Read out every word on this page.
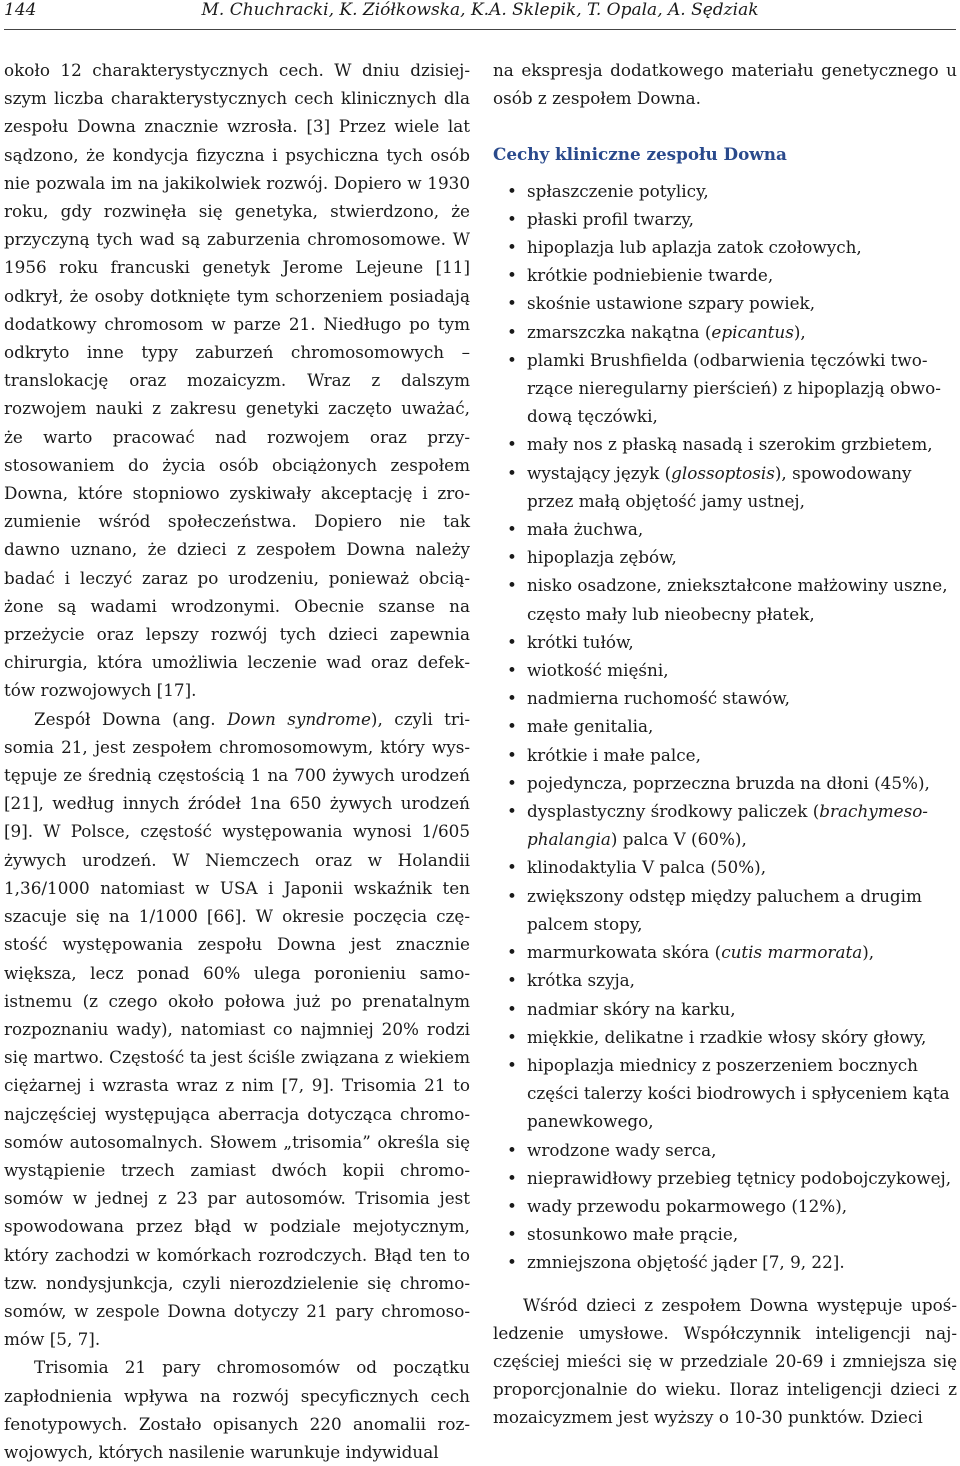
144	M. Chuchracki, K. Ziółkowska, K.A. Sklepik, T. Opala, A. Sędziak

około 12 charakterystycznych cech. W dniu dzisiejszym liczba charakterystycznych cech klinicznych dla zespołu Downa znacznie wzrosła. [3] Przez wiele lat sądzono, że kondycja fizyczna i psychiczna tych osób nie pozwala im na jakikolwiek rozwój. Dopiero w 1930 roku, gdy rozwinęła się genetyka, stwierdzono, że przyczyną tych wad są zaburzenia chromosomowe. W 1956 roku francuski genetyk Jerome Lejeune [11] odkrył, że osoby dotknięte tym schorzeniem posiadają dodatkowy chromosom w parze 21. Niedługo po tym odkryto inne typy zaburzeń chromosomowych – translokację oraz mozaicyzm. Wraz z dalszym rozwojem nauki z zakresu genetyki zaczęto uważać, że warto pracować nad rozwojem oraz przystosowaniem do życia osób obciążonych zespołem Downa, które stopniowo zyskiwały akceptację i zrozumienie wśród społeczeństwa. Dopiero nie tak dawno uznano, że dzieci z zespołem Downa należy badać i leczyć zaraz po urodzeniu, ponieważ obciążone są wadami wrodzonymi. Obecnie szanse na przeżycie oraz lepszy rozwój tych dzieci zapewnia chirurgia, która umożliwia leczenie wad oraz defektów rozwojowych [17].

Zespół Downa (ang. Down syndrome), czyli trisomia 21, jest zespołem chromosomowym, który występuje ze średnią częstością 1 na 700 żywych urodzeń [21], według innych źródeł 1na 650 żywych urodzeń [9]. W Polsce, częstość występowania wynosi 1/605 żywych urodzeń. W Niemczech oraz w Holandii 1,36/1000 natomiast w USA i Japonii wskaźnik ten szacuje się na 1/1000 [66]. W okresie poczęcia częstość występowania zespołu Downa jest znacznie większa, lecz ponad 60% ulega poronieniu samoistnemu (z czego około połowa już po prenatalnym rozpoznaniu wady), natomiast co najmniej 20% rodzi się martwo. Częstość ta jest ściśle związana z wiekiem ciężarnej i wzrasta wraz z nim [7, 9]. Trisomia 21 to najczęściej występująca aberracja dotycząca chromosomów autosomalnych. Słowem „trisomia” określa się wystąpienie trzech zamiast dwóch kopii chromosomów w jednej z 23 par autosomów. Trisomia jest spowodowana przez błąd w podziale mejotycznym, który zachodzi w komórkach rozrodczych. Błąd ten to tzw. nondysjunkcja, czyli nierozdzielenie się chromosomów, w zespole Downa dotyczy 21 pary chromosomów [5, 7].

Trisomia 21 pary chromosomów od początku zapłodnienia wpływa na rozwój specyficznych cech fenotypowych. Zostało opisanych 220 anomalii rozwojowych, których nasilenie warunkuje indywidual

na ekspresja dodatkowego materiału genetycznego u osób z zespołem Downa.

Cechy kliniczne zespołu Downa
• spłaszczenie potylicy,
• płaski profil twarzy,
• hipoplazja lub aplazja zatok czołowych,
• krótkie podniebienie twarde,
• skośnie ustawione szpary powiek,
• zmarszczka nakątna (epicantus),
• plamki Brushfielda (odbarwienia tęczówki tworzące nieregularny pierścień) z hipoplazją obwodową tęczówki,
• mały nos z płaską nasadą i szerokim grzbietem,
• wystający język (glossoptosis), spowodowany przez małą objętość jamy ustnej,
• mała żuchwa,
• hipoplazja zębów,
• nisko osadzone, zniekształcone małżowiny uszne, często mały lub nieobecny płatek,
• krótki tułów,
• wiotkość mięśni,
• nadmierna ruchomość stawów,
• małe genitalia,
• krótkie i małe palce,
• pojedyncza, poprzeczna bruzda na dłoni (45%),
• dysplastyczny środkowy paliczek (brachymesophalangia) palca V (60%),
• klinodaktylia V palca (50%),
• zwiększony odstęp między paluchem a drugim palcem stopy,
• marmurkowata skóra (cutis marmorata),
• krótka szyja,
• nadmiar skóry na karku,
• miękkie, delikatne i rzadkie włosy skóry głowy,
• hipoplazja miednicy z poszerzeniem bocznych części talerzy kości biodrowych i spłyceniem kąta panewkowego,
• wrodzone wady serca,
• nieprawidłowy przebieg tętnicy podobojczykowej,
• wady przewodu pokarmowego (12%),
• stosunkowo małe prącie,
• zmniejszona objętość jąder [7, 9, 22].

Wśród dzieci z zespołem Downa występuje upośledzenie umysłowe. Współczynnik inteligencji najczęściej mieści się w przedziale 20-69 i zmniejsza się proporcjonalnie do wieku. Iloraz inteligencji dzieci z mozaicyzmem jest wyższy o 10-30 punktów. Dzieci
